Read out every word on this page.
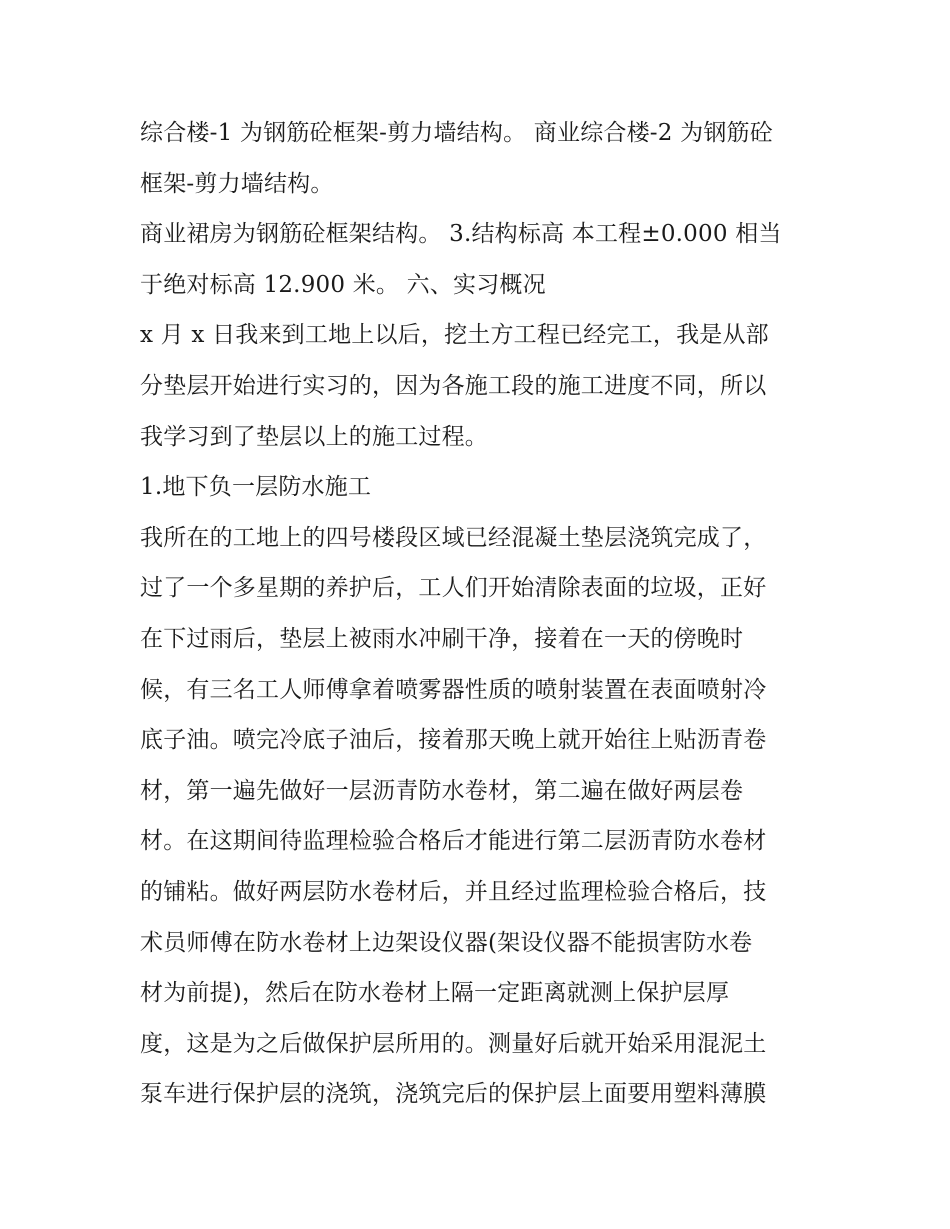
综合楼-1 为钢筋砼框架-剪力墙结构。 商业综合楼-2 为钢筋砼
框架-剪力墙结构。
商业裙房为钢筋砼框架结构。 3.结构标高 本工程±0.000 相当
于绝对标高 12.900 米。 六、实习概况
x 月 x 日我来到工地上以后，挖土方工程已经完工，我是从部
分垫层开始进行实习的，因为各施工段的施工进度不同，所以
我学习到了垫层以上的施工过程。
1.地下负一层防水施工
我所在的工地上的四号楼段区域已经混凝土垫层浇筑完成了，
过了一个多星期的养护后，工人们开始清除表面的垃圾，正好
在下过雨后，垫层上被雨水冲刷干净，接着在一天的傍晚时
候，有三名工人师傅拿着喷雾器性质的喷射装置在表面喷射冷
底子油。喷完冷底子油后，接着那天晚上就开始往上贴沥青卷
材，第一遍先做好一层沥青防水卷材，第二遍在做好两层卷
材。在这期间待监理检验合格后才能进行第二层沥青防水卷材
的铺粘。做好两层防水卷材后，并且经过监理检验合格后，技
术员师傅在防水卷材上边架设仪器(架设仪器不能损害防水卷
材为前提)，然后在防水卷材上隔一定距离就测上保护层厚
度，这是为之后做保护层所用的。测量好后就开始采用混泥土
泵车进行保护层的浇筑，浇筑完后的保护层上面要用塑料薄膜
